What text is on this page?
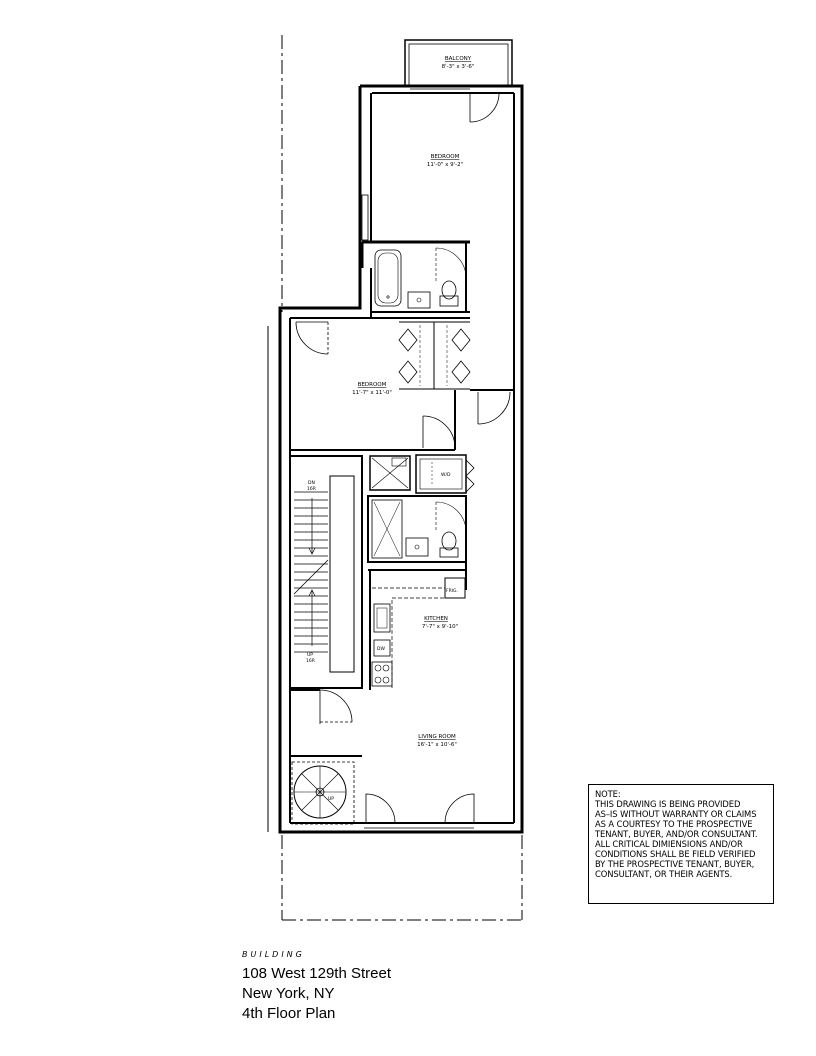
BALCONY
8'-3" x 3'-6"
BEDROOM
11'-0" x 9'-2"
BEDROOM
11'-7" x 11'-0"
DN
16R
UP
16R
W/D
FRIG.
DW
KITCHEN
7'-7" x 9'-10"
LIVING ROOM
16'-1" x 10'-6"
UP
NOTE:
THIS DRAWING IS BEING PROVIDED
AS–IS WITHOUT WARRANTY OR CLAIMS
AS A COURTESY TO THE PROSPECTIVE
TENANT, BUYER, AND/OR CONSULTANT.
ALL CRITICAL DIMIENSIONS AND/OR
CONDITIONS SHALL BE FIELD VERIFIED
BY THE PROSPECTIVE TENANT, BUYER,
CONSULTANT, OR THEIR AGENTS.
BUILDING
108 West 129th Street
New York, NY
4th Floor Plan
